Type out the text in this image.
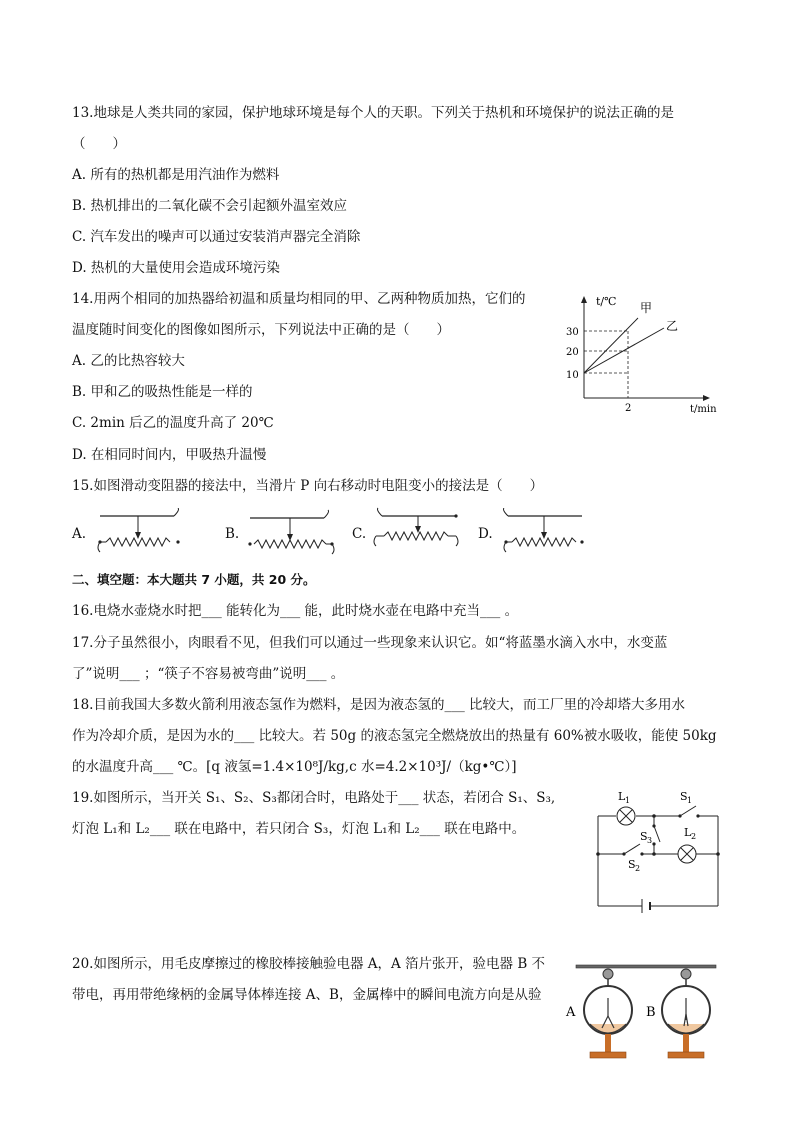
13.地球是人类共同的家园，保护地球环境是每个人的天职。下列关于热机和环境保护的说法正确的是
（　　）
A. 所有的热机都是用汽油作为燃料
B. 热机排出的二氧化碳不会引起额外温室效应
C. 汽车发出的噪声可以通过安装消声器完全消除
D. 热机的大量使用会造成环境污染
14.用两个相同的加热器给初温和质量均相同的甲、乙两种物质加热，它们的
温度随时间变化的图像如图所示，下列说法中正确的是（　　）
A. 乙的比热容较大
B. 甲和乙的吸热性能是一样的
C. 2min 后乙的温度升高了 20℃
D. 在相同时间内，甲吸热升温慢
t/℃
t/min
30
20
10
2
甲
乙
15.如图滑动变阻器的接法中，当滑片 P 向右移动时电阻变小的接法是（　　）
A.	B.	C.	D.
二、填空题：本大题共 7 小题，共 20 分。
16.电烧水壶烧水时把___ 能转化为___ 能，此时烧水壶在电路中充当___ 。
17.分子虽然很小，肉眼看不见，但我们可以通过一些现象来认识它。如“将蓝墨水滴入水中，水变蓝
了”说明___ ；“筷子不容易被弯曲”说明___ 。
18.目前我国大多数火箭利用液态氢作为燃料，是因为液态氢的___ 比较大，而工厂里的冷却塔大多用水
作为冷却介质，是因为水的___ 比较大。若 50g 的液态氢完全燃烧放出的热量有 60%被水吸收，能使 50kg
的水温度升高___ ℃。[q 液氢=1.4×10⁸J/kg,c 水=4.2×10³J/（kg•℃）]
19.如图所示，当开关 S₁、S₂、S₃都闭合时，电路处于___ 状态，若闭合 S₁、S₃,
灯泡 L₁和 L₂___ 联在电路中，若只闭合 S₃，灯泡 L₁和 L₂___ 联在电路中。
L 1	S 1
S 2
S 3
L 2
20.如图所示，用毛皮摩擦过的橡胶棒接触验电器 A，A 箔片张开，验电器 B 不
带电，再用带绝缘柄的金属导体棒连接 A、B，金属棒中的瞬间电流方向是从验
A	B
